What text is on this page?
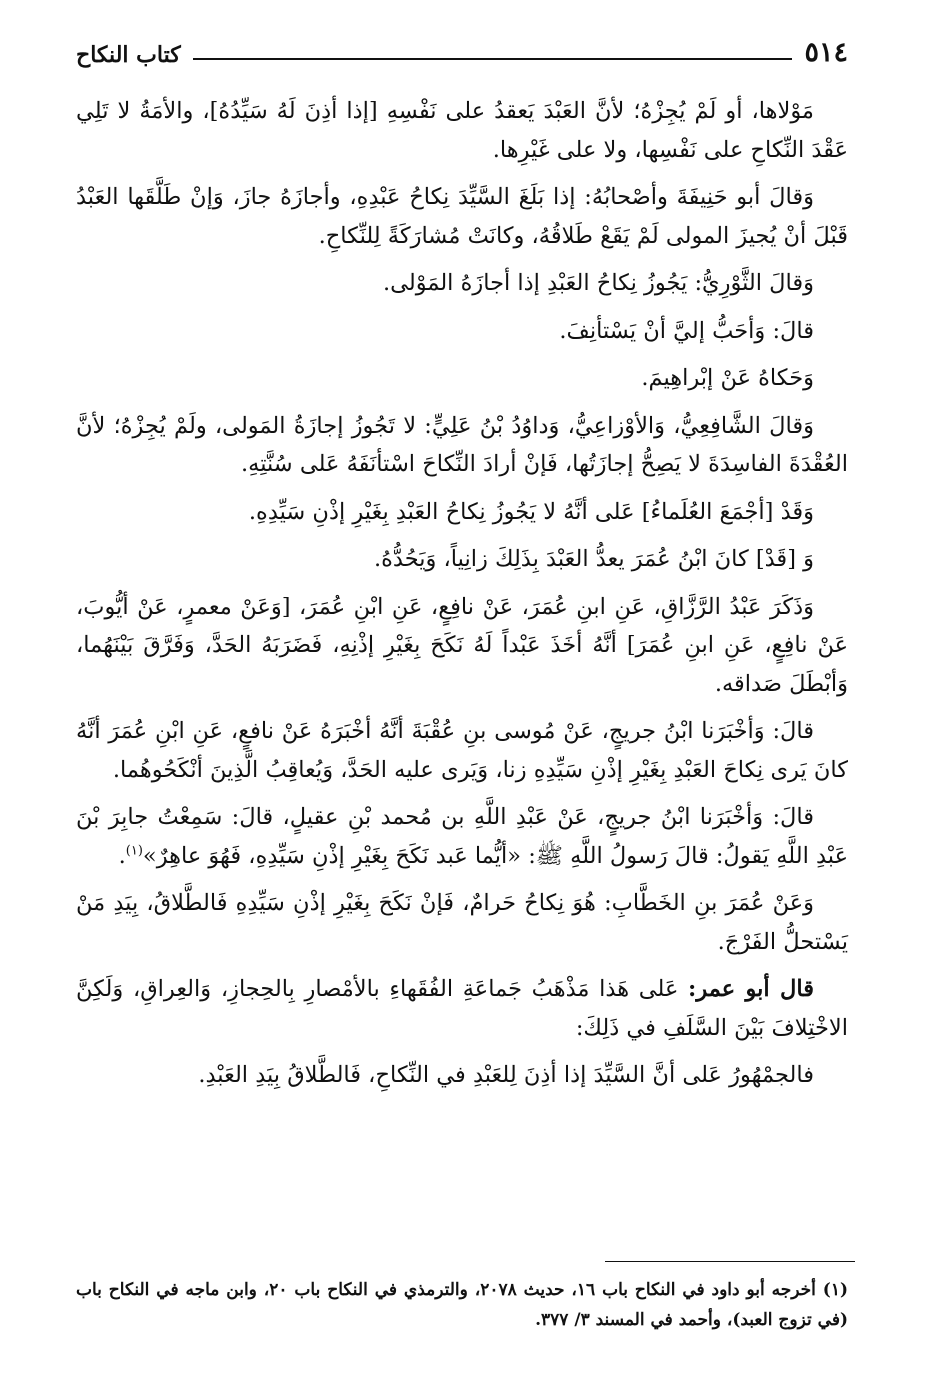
٥١٤
كتاب النكاح

مَوْلاها، أو لَمْ يُجِزْهُ؛ لأنَّ العَبْدَ يَعقدُ على نَفْسِهِ [إذا أذِنَ لَهُ سَيِّدُهُ]، والأمَةُ لا تَلِي عَقْدَ النِّكاحِ على نَفْسِها، ولا على غَيْرِها.

وَقالَ أبو حَنِيفَةَ وأصْحابُهُ: إذا بَلَغَ السَّيِّدَ نِكاحُ عَبْدِهِ، وأجازَهُ جازَ، وَإنْ طَلَّقَها العَبْدُ قَبْلَ أنْ يُجيزَ المولى لَمْ يَقَعْ طَلاقُهُ، وكانَتْ مُشارَكَةً لِلنِّكاحِ.

وَقالَ الثَّوْرِيُّ: يَجُوزُ نِكاحُ العَبْدِ إذا أجازَهُ المَوْلى.

قالَ: وَأحَبُّ إليَّ أنْ يَسْتأنِفَ.

وَحَكاهُ عَنْ إبْراهِيمَ.

وَقالَ الشَّافِعِيُّ، وَالأوْزاعِيُّ، وَداوُدُ بْنُ عَلِيٍّ: لا تَجُوزُ إجازَةُ المَولى، ولَمْ يُجِزْهُ؛ لأنَّ العُقْدَةَ الفاسِدَةَ لا يَصِحُّ إجازَتُها، فَإنْ أرادَ النِّكاحَ اسْتأنَفَهُ عَلى سُنَّتِهِ.

وَقَدْ [أجْمَعَ العُلَماءُ] عَلى أنَّهُ لا يَجُوزُ نِكاحُ العَبْدِ بِغَيْرِ إذْنِ سَيِّدِهِ.

وَ [قَدْ] كانَ ابْنُ عُمَرَ يعدُّ العَبْدَ بِذَلِكَ زانِياً، وَيَحُدُّهُ.

وَذَكَرَ عَبْدُ الرَّزَّاقِ، عَنِ ابنِ عُمَرَ، عَنْ نافِعٍ، عَنِ ابْنِ عُمَرَ، [وَعَنْ معمرٍ، عَنْ أيُّوبَ، عَنْ نافِعٍ، عَنِ ابنِ عُمَرَ] أنَّهُ أخَذَ عَبْداً لَهُ نَكَحَ بِغَيْرِ إذْنِهِ، فَضَرَبَهُ الحَدَّ، وَفَرَّقَ بَيْنَهُما، وَأبْطَلَ صَداقه.

قالَ: وَأخْبَرَنا ابْنُ جريجٍ، عَنْ مُوسى بنِ عُقْبَةَ أنَّهُ أخْبَرَهُ عَنْ نافعٍ، عَنِ ابْنِ عُمَرَ أنَّهُ كانَ يَرى نِكاحَ العَبْدِ بِغَيْرِ إذْنِ سَيِّدِهِ زنا، وَيَرى عليه الحَدَّ، وَيُعاقِبُ الَّذِينَ أنْكَحُوهُما.

قالَ: وَأخْبَرَنا ابْنُ جريجٍ، عَنْ عَبْدِ اللَّهِ بن مُحمد بْنِ عقيلٍ، قالَ: سَمِعْتُ جابِرَ بْنَ عَبْدِ اللَّهِ يَقولُ: قالَ رَسولُ اللَّهِ ﷺ: «أيُّما عَبد نَكَحَ بِغَيْرِ إذْنِ سَيِّدِهِ، فَهُوَ عاهِرٌ»$^{(١)}$.

وَعَنْ عُمَرَ بنِ الخَطَّابِ: هُوَ نِكاحُ حَرامٌ، فَإنْ نَكَحَ بِغَيْرِ إذْنِ سَيِّدِهِ فَالطَّلاقُ، بِيَدِ مَنْ يَسْتحلُّ الفَرْجَ.

قال أبو عمر: عَلى هَذا مَذْهَبُ جَماعَةِ الفُقَهاءِ بالأمْصارِ بِالحِجازِ، وَالعِراقِ، وَلَكِنَّ الاخْتِلافَ بَيْنَ السَّلَفِ في ذَلِكَ:

فالجمْهُورُ عَلى أنَّ السَّيِّدَ إذا أذِنَ لِلعَبْدِ في النِّكاحِ، فَالطَّلاقُ بِيَدِ العَبْدِ.

(١) أخرجه أبو داود في النكاح باب ١٦، حديث ٢٠٧٨، والترمذي في النكاح باب ٢٠، وابن ماجه في النكاح باب (في تزوج العبد)، وأحمد في المسند ٣/ ٣٧٧.
